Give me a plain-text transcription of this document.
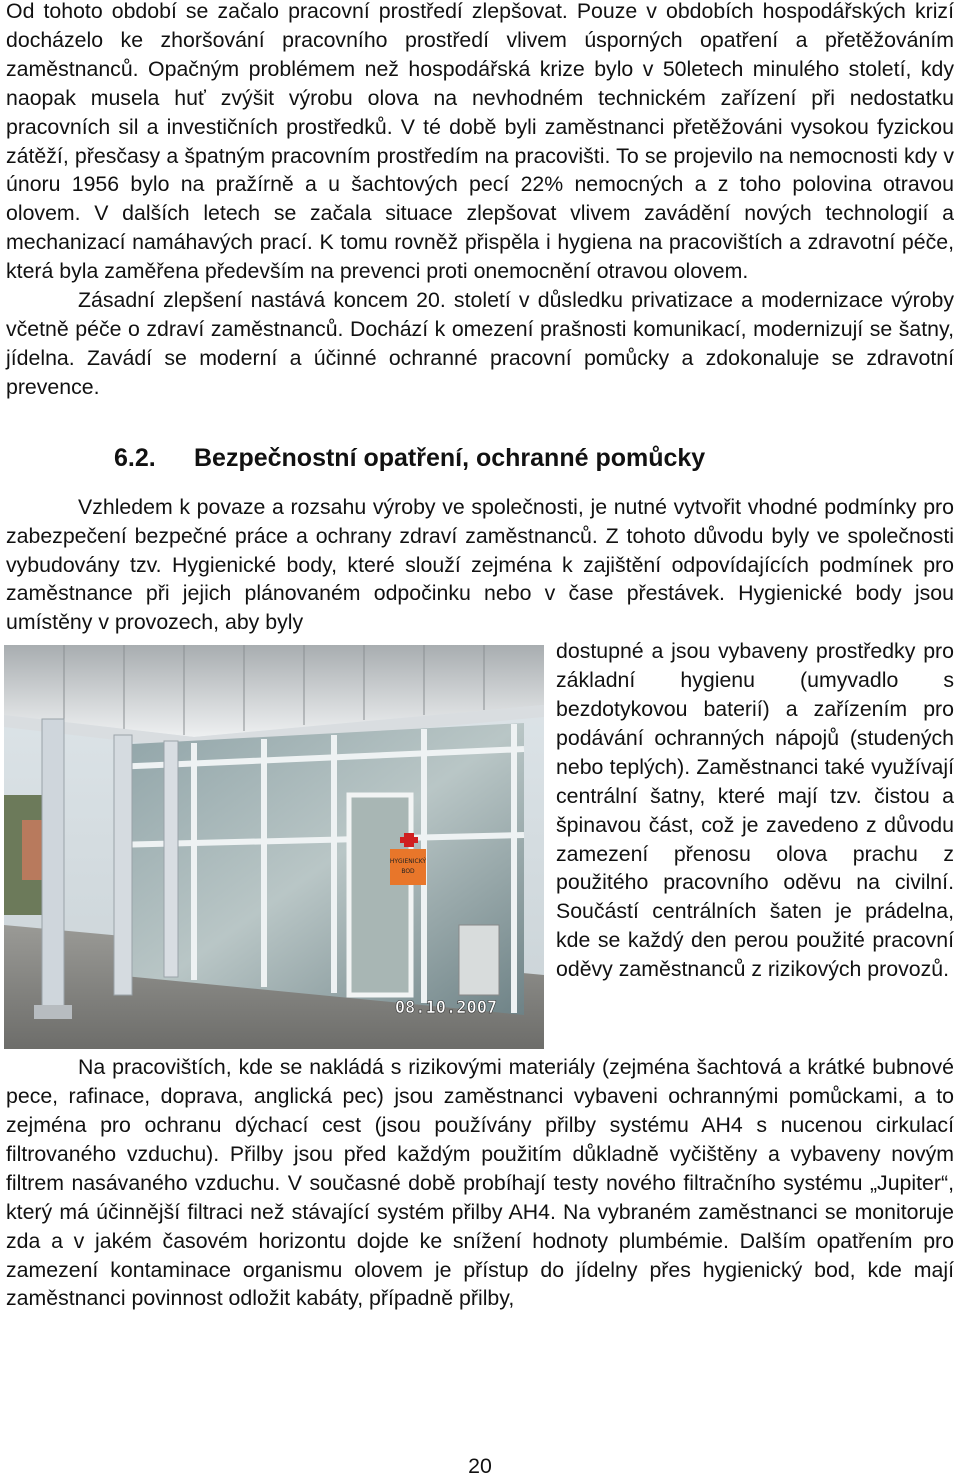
Od tohoto období se začalo pracovní prostředí zlepšovat. Pouze v obdobích hospodářských krizí docházelo ke zhoršování pracovního prostředí vlivem úsporných opatření a přetěžováním zaměstnanců. Opačným problémem než hospodářská krize bylo v 50letech minulého století, kdy naopak musela huť zvýšit výrobu olova na nevhodném technickém zařízení při nedostatku pracovních sil a investičních prostředků. V té době byli zaměstnanci přetěžováni vysokou fyzickou zátěží, přesčasy a špatným pracovním prostředím na pracovišti. To se projevilo na nemocnosti kdy v únoru 1956 bylo na pražírně a u šachtových pecí 22% nemocných a z toho polovina otravou olovem. V dalších letech se začala situace zlepšovat vlivem zavádění nových technologií a mechanizací namáhavých prací. K tomu rovněž přispěla i hygiena na pracovištích a zdravotní péče, která byla zaměřena především na prevenci proti onemocnění otravou olovem.

Zásadní zlepšení nastává koncem 20. století v důsledku privatizace a modernizace výroby včetně péče o zdraví zaměstnanců. Dochází k omezení prašnosti komunikací, modernizují se šatny, jídelna. Zavádí se moderní a účinné ochranné pracovní pomůcky a zdokonaluje se zdravotní prevence.

6.2. Bezpečnostní opatření, ochranné pomůcky

Vzhledem k povaze a rozsahu výroby ve společnosti, je nutné vytvořit vhodné podmínky pro zabezpečení bezpečné práce a ochrany zdraví zaměstnanců. Z tohoto důvodu byly ve společnosti vybudovány tzv. Hygienické body, které slouží zejména k zajištění odpovídajících podmínek pro zaměstnance při jejich plánovaném odpočinku nebo v čase přestávek. Hygienické body jsou umístěny v provozech, aby byly

HYGIENICKÝ
BOD
08.10.2007

dostupné a jsou vybaveny prostředky pro základní hygienu (umyvadlo s bezdotykovou baterií) a zařízením pro podávání ochranných nápojů (studených nebo teplých). Zaměstnanci také využívají centrální šatny, které mají tzv. čistou a špinavou část, což je zavedeno z důvodu zamezení přenosu olova prachu z použitého pracovního oděvu na civilní. Součástí centrálních šaten je prádelna, kde se každý den perou použité pracovní oděvy zaměstnanců z rizikových provozů.

Na pracovištích, kde se nakládá s rizikovými materiály (zejména šachtová a krátké bubnové pece, rafinace, doprava, anglická pec) jsou zaměstnanci vybaveni ochrannými pomůckami, a to zejména pro ochranu dýchací cest (jsou používány přilby systému AH4 s nucenou cirkulací filtrovaného vzduchu). Přilby jsou před každým použitím důkladně vyčištěny a vybaveny novým filtrem nasávaného vzduchu. V současné době probíhají testy nového filtračního systému „Jupiter“, který má účinnější filtraci než stávající systém přilby AH4. Na vybraném zaměstnanci se monitoruje zda a v jakém časovém horizontu dojde ke snížení hodnoty plumbémie. Dalším opatřením pro zamezení kontaminace organismu olovem je přístup do jídelny přes hygienický bod, kde mají zaměstnanci povinnost odložit kabáty, případně přilby,

20
